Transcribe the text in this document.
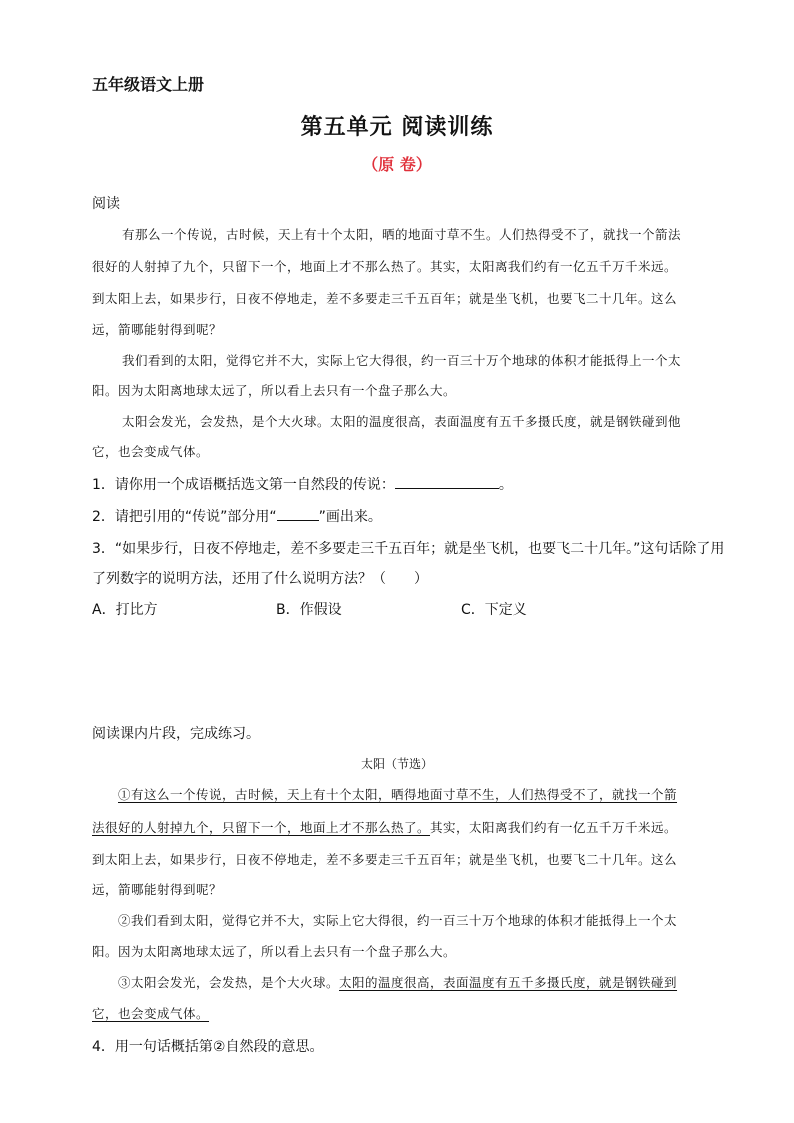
五年级语文上册
第五单元 阅读训练
（原 卷）
阅读
有那么一个传说，古时候，天上有十个太阳，晒的地面寸草不生。人们热得受不了，就找一个箭法
很好的人射掉了九个，只留下一个，地面上才不那么热了。其实，太阳离我们约有一亿五千万千米远。
到太阳上去，如果步行，日夜不停地走，差不多要走三千五百年；就是坐飞机，也要飞二十几年。这么
远，箭哪能射得到呢？
我们看到的太阳，觉得它并不大，实际上它大得很，约一百三十万个地球的体积才能抵得上一个太
阳。因为太阳离地球太远了，所以看上去只有一个盘子那么大。
太阳会发光，会发热，是个大火球。太阳的温度很高，表面温度有五千多摄氏度，就是钢铁碰到他
它，也会变成气体。
1．请你用一个成语概括选文第一自然段的传说：	。
2．请把引用的“传说”部分用“	”画出来。
3．“如果步行，日夜不停地走，差不多要走三千五百年；就是坐飞机，也要飞二十几年。”这句话除了用
了列数字的说明方法，还用了什么说明方法？（　　）
A．打比方	B．作假设	C．下定义
阅读课内片段，完成练习。
太阳（节选）
①有这么一个传说，古时候，天上有十个太阳，晒得地面寸草不生，人们热得受不了，就找一个箭
法很好的人射掉九个，只留下一个，地面上才不那么热了。其实，太阳离我们约有一亿五千万千米远。
到太阳上去，如果步行，日夜不停地走，差不多要走三千五百年；就是坐飞机，也要飞二十几年。这么
远，箭哪能射得到呢？
②我们看到太阳，觉得它并不大，实际上它大得很，约一百三十万个地球的体积才能抵得上一个太
阳。因为太阳离地球太远了，所以看上去只有一个盘子那么大。
③太阳会发光，会发热，是个大火球。太阳的温度很高，表面温度有五千多摄氏度，就是钢铁碰到
它，也会变成气体。
4．用一句话概括第②自然段的意思。
